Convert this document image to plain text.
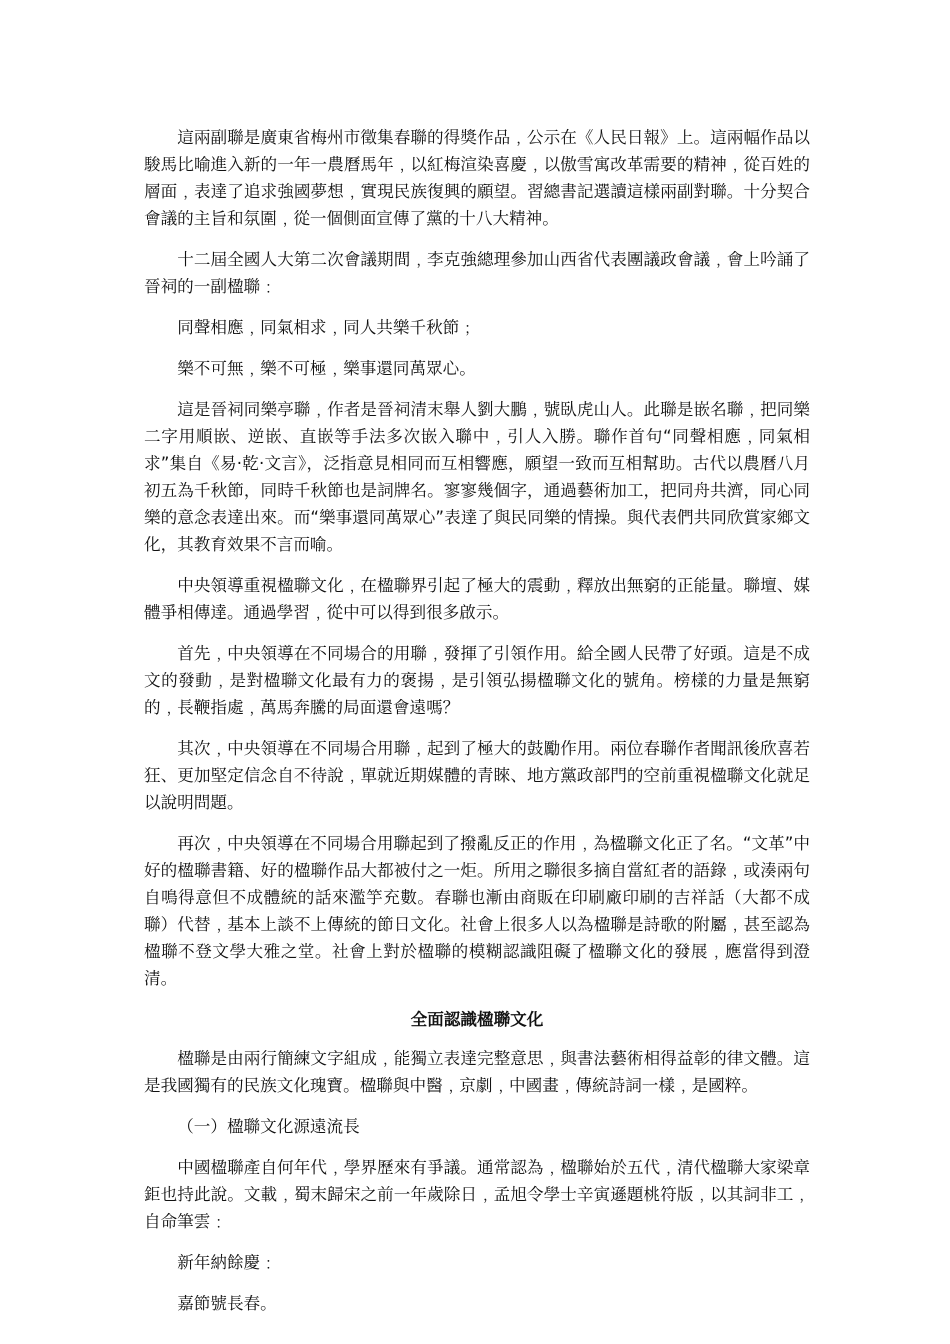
這兩副聯是廣東省梅州市徵集春聯的得獎作品﹐公示在《人民日報》上。這兩幅作品以駿馬比喻進入新的一年一農曆馬年﹐以紅梅渲染喜慶﹐以傲雪寓改革需要的精神﹐從百姓的層面﹐表達了追求強國夢想﹐實現民族復興的願望。習總書記選讀這樣兩副對聯。十分契合會議的主旨和氛圍﹐從一個側面宣傳了黨的十八大精神。

十二屆全國人大第二次會議期間﹐李克強總理參加山西省代表團議政會議﹐會上吟誦了晉祠的一副楹聯﹕

同聲相應﹐同氣相求﹐同人共樂千秋節﹔

樂不可無﹐樂不可極﹐樂事還同萬眾心。

這是晉祠同樂亭聯﹐作者是晉祠清末舉人劉大鵬﹐號臥虎山人。此聯是嵌名聯﹐把同樂二字用順嵌、逆嵌、直嵌等手法多次嵌入聯中﹐引人入勝。聯作首句“同聲相應﹐同氣相求”集自《易·乾·文言》，泛指意見相同而互相響應，願望一致而互相幫助。古代以農曆八月初五為千秋節，同時千秋節也是詞牌名。寥寥幾個字，通過藝術加工，把同舟共濟，同心同樂的意念表達出來。而“樂事還同萬眾心”表達了與民同樂的情操。與代表們共同欣賞家鄉文化，其教育效果不言而喻。

中央領導重視楹聯文化﹐在楹聯界引起了極大的震動﹐釋放出無窮的正能量。聯壇、媒體爭相傳達。通過學習﹐從中可以得到很多啟示。

首先﹐中央領導在不同場合的用聯﹐發揮了引領作用。給全國人民帶了好頭。這是不成文的發動﹐是對楹聯文化最有力的褒揚﹐是引領弘揚楹聯文化的號角。榜樣的力量是無窮的﹐長鞭指處﹐萬馬奔騰的局面還會遠嗎？

其次﹐中央領導在不同場合用聯﹐起到了極大的鼓勵作用。兩位春聯作者聞訊後欣喜若狂、更加堅定信念自不待說﹐單就近期媒體的青睞、地方黨政部門的空前重視楹聯文化就足以說明問題。

再次﹐中央領導在不同場合用聯起到了撥亂反正的作用﹐為楹聯文化正了名。“文革”中好的楹聯書籍、好的楹聯作品大都被付之一炬。所用之聯很多摘自當紅者的語錄﹐或湊兩句自鳴得意但不成體統的話來濫竽充數。春聯也漸由商販在印刷廠印刷的吉祥話（大都不成聯）代替﹐基本上談不上傳統的節日文化。社會上很多人以為楹聯是詩歌的附屬﹐甚至認為楹聯不登文學大雅之堂。社會上對於楹聯的模糊認識阻礙了楹聯文化的發展﹐應當得到澄清。

全面認識楹聯文化

楹聯是由兩行簡練文字組成﹐能獨立表達完整意思﹐與書法藝術相得益彰的律文體。這是我國獨有的民族文化瑰寶。楹聯與中醫﹐京劇﹐中國畫﹐傳統詩詞一樣﹐是國粹。

（一）楹聯文化源遠流長

中國楹聯產自何年代﹐學界歷來有爭議。通常認為﹐楹聯始於五代﹐清代楹聯大家梁章鉅也持此說。文載﹐蜀末歸宋之前一年歲除日﹐孟旭令學士辛寅遜題桃符版﹐以其詞非工﹐自命筆雲﹕

新年納餘慶﹕

嘉節號長春。
